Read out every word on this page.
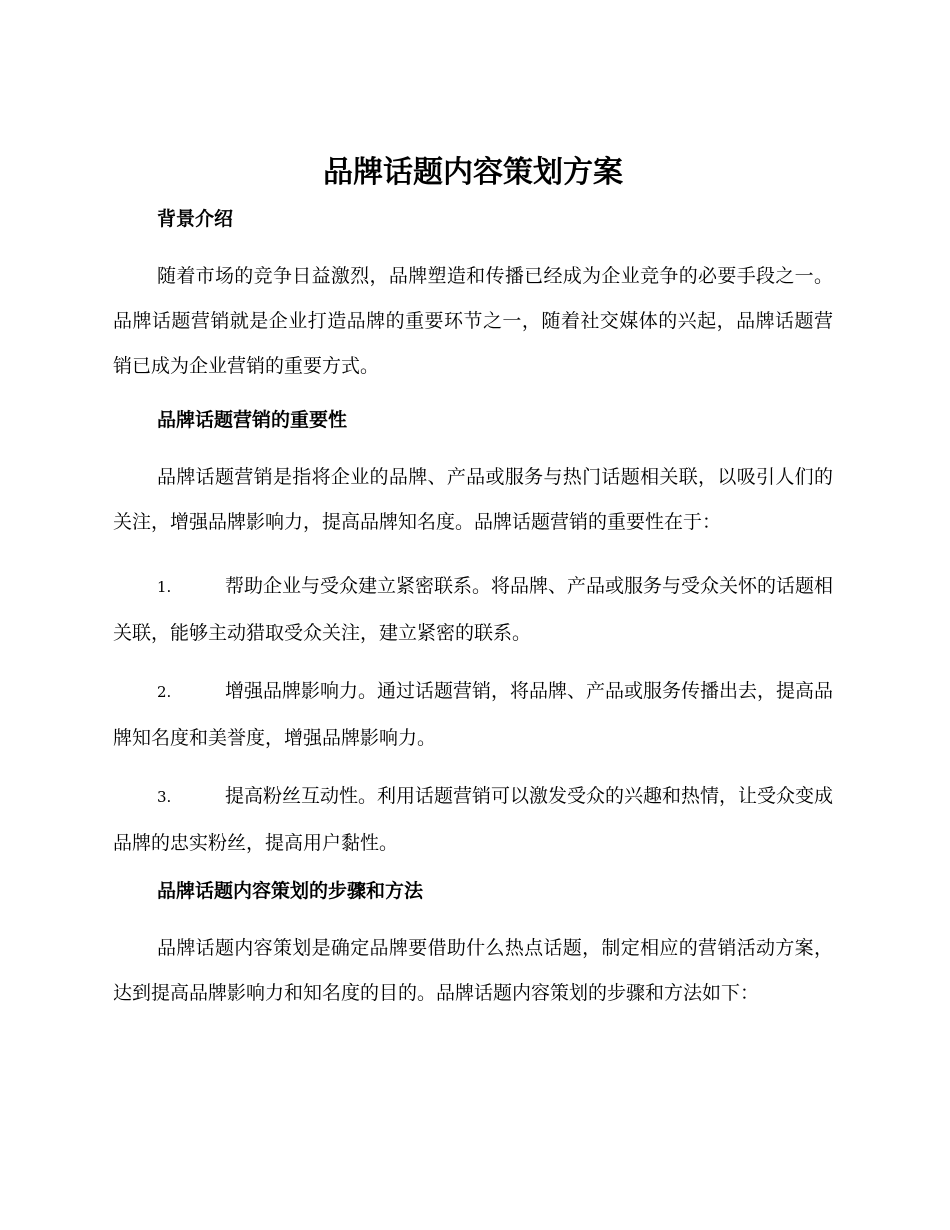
品牌话题内容策划方案
背景介绍

随着市场的竞争日益激烈，品牌塑造和传播已经成为企业竞争的必要手段之一。品牌话题营销就是企业打造品牌的重要环节之一，随着社交媒体的兴起，品牌话题营销已成为企业营销的重要方式。

品牌话题营销的重要性

品牌话题营销是指将企业的品牌、产品或服务与热门话题相关联，以吸引人们的关注，增强品牌影响力，提高品牌知名度。品牌话题营销的重要性在于：

1.	帮助企业与受众建立紧密联系。将品牌、产品或服务与受众关怀的话题相关联，能够主动猎取受众关注，建立紧密的联系。
2.	增强品牌影响力。通过话题营销，将品牌、产品或服务传播出去，提高品牌知名度和美誉度，增强品牌影响力。
3.	提高粉丝互动性。利用话题营销可以激发受众的兴趣和热情，让受众变成品牌的忠实粉丝，提高用户黏性。
品牌话题内容策划的步骤和方法

品牌话题内容策划是确定品牌要借助什么热点话题，制定相应的营销活动方案，达到提高品牌影响力和知名度的目的。品牌话题内容策划的步骤和方法如下：
